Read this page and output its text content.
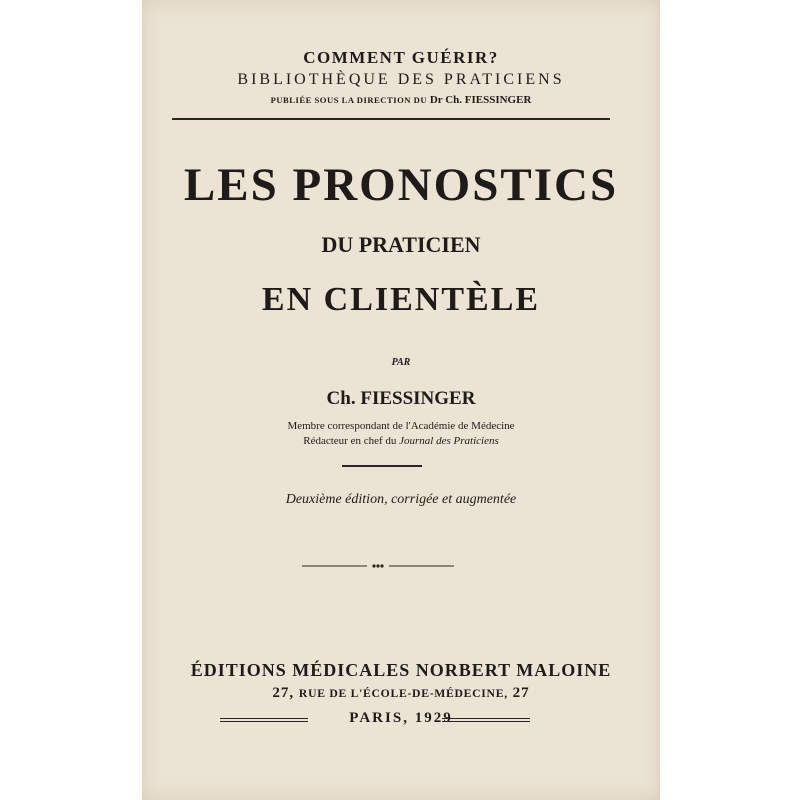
COMMENT GUÉRIR?
BIBLIOTHÈQUE DES PRATICIENS
PUBLIÉE SOUS LA DIRECTION DU Dr Ch. FIESSINGER
LES PRONOSTICS
DU PRATICIEN
EN CLIENTÈLE
PAR
Ch. FIESSINGER
Membre correspondant de l'Académie de Médecine
Rédacteur en chef du Journal des Praticiens
Deuxième édition, corrigée et augmentée
ÉDITIONS MÉDICALES NORBERT MALOINE
27, RUE DE L'ÉCOLE-DE-MÉDECINE, 27
PARIS, 1929
